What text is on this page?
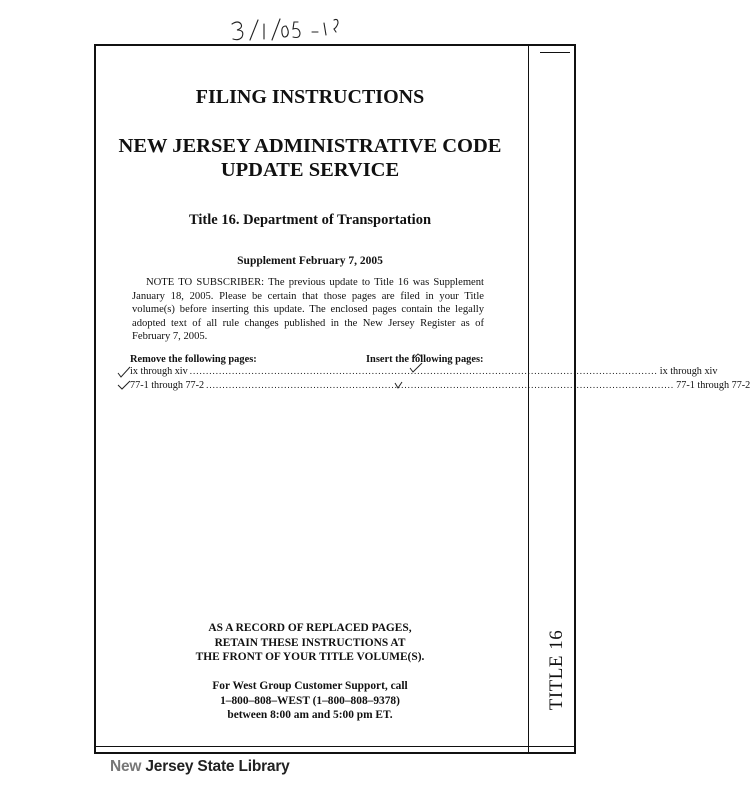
TITLE 16
FILING INSTRUCTIONS
NEW JERSEY ADMINISTRATIVE CODE
UPDATE SERVICE
Title 16. Department of Transportation
Supplement February 7, 2005
NOTE TO SUBSCRIBER: The previous update to Title 16 was Supplement January 18, 2005. Please be certain that those pages are filed in your Title volume(s) before inserting this update. The enclosed pages contain the legally adopted text of all rule changes published in the New Jersey Register as of February 7, 2005.
Remove the following pages:	Insert the following pages:
ix through xiv ................................................................................................................................................ ix through xiv
77-1 through 77-2 ................................................................................................................................................ 77-1 through 77-2
AS A RECORD OF REPLACED PAGES,
RETAIN THESE INSTRUCTIONS AT
THE FRONT OF YOUR TITLE VOLUME(S).
For West Group Customer Support, call
1–800–808–WEST (1–800–808–9378)
between 8:00 am and 5:00 pm ET.
New Jersey State Library
